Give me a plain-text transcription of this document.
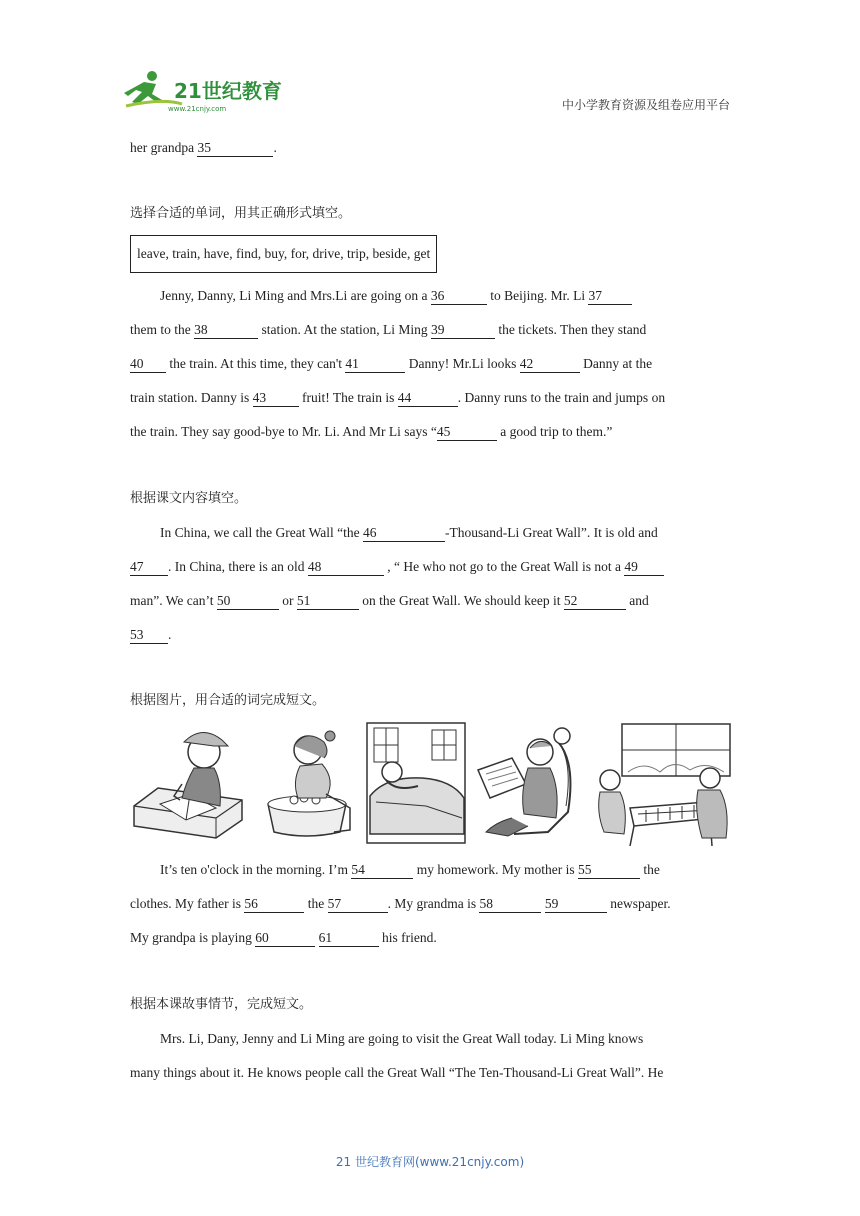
21世纪教育
www.21cnjy.com	中小学教育资源及组卷应用平台

her grandpa 35	.

选择合适的单词，用其正确形式填空。

leave, train, have, find, buy, for, drive, trip, beside, get

Jenny, Danny, Li Ming and Mrs.Li are going on a 36	to Beijing. Mr. Li 37

them to the 38	station. At the station, Li Ming 39	the tickets. Then they stand

40 the train. At this time, they can't 41	Danny! Mr.Li looks 42	Danny at the

train station. Danny is 43	fruit! The train is 44	. Danny runs to the train and jumps on

the train. They say good-bye to Mr. Li. And Mr Li says “45	a good trip to them.”

根据课文内容填空。

In China, we call the Great Wall “the 46	-Thousand-Li Great Wall”. It is old and

47 . In China, there is an old 48	, “ He who not go to the Great Wall is not a 49

man”. We can’t 50	or 51	on the Great Wall. We should keep it 52	and

53 .

根据图片，用合适的词完成短文。

It’s ten o'clock in the morning. I’m 54	my homework. My mother is 55	the

clothes. My father is 56	the 57	. My grandma is 58	59	newspaper.

My grandpa is playing 60	61	his friend.

根据本课故事情节，完成短文。

Mrs. Li, Dany, Jenny and Li Ming are going to visit the Great Wall today. Li Ming knows

many things about it. He knows people call the Great Wall “The Ten-Thousand-Li Great Wall”. He

21 世纪教育网(www.21cnjy.com)
